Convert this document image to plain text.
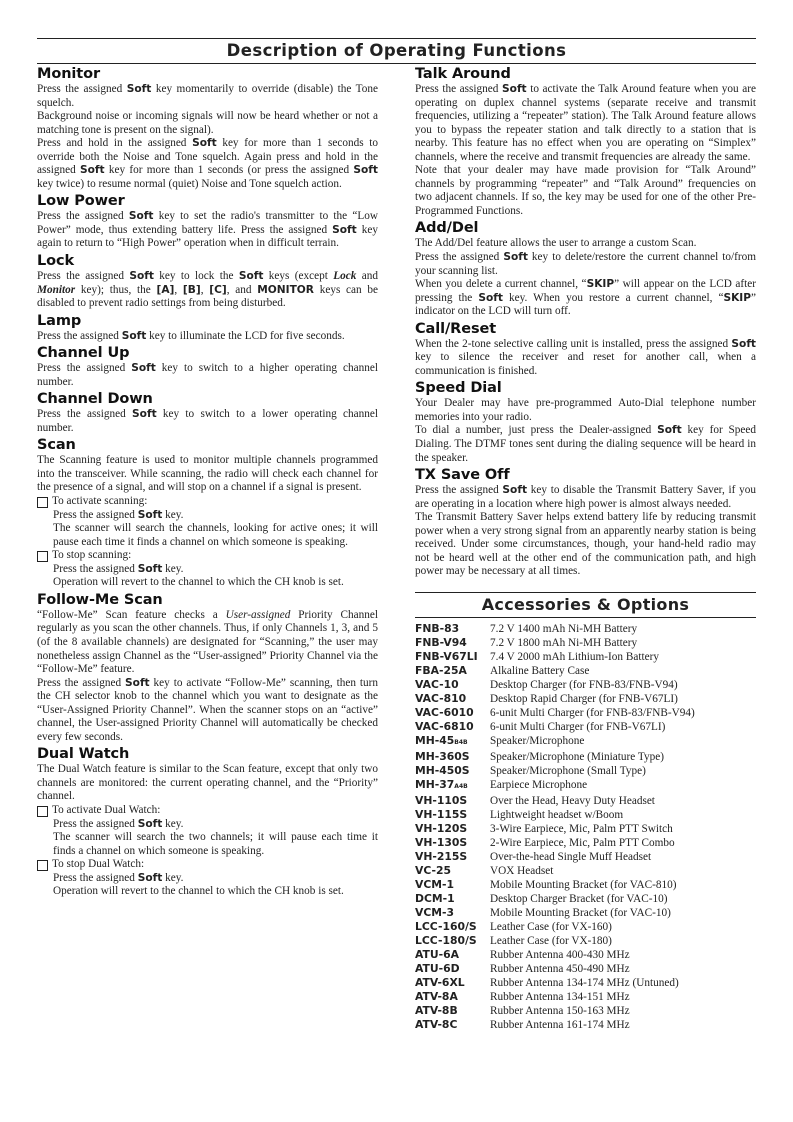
Description of Operating Functions
Monitor

Press the assigned Soft key momentarily to override (disable) the Tone squelch.

Background noise or incoming signals will now be heard whether or not a matching tone is present on the signal).

Press and hold in the assigned Soft key for more than 1 seconds to override both the Noise and Tone squelch. Again press and hold in the assigned Soft key for more than 1 seconds (or press the assigned Soft key twice) to resume normal (quiet) Noise and Tone squelch action.

Low Power

Press the assigned Soft key to set the radio's transmitter to the “Low Power” mode, thus extending battery life. Press the assigned Soft key again to return to “High Power” operation when in difficult terrain.

Lock

Press the assigned Soft key to lock the Soft keys (except Lock and Monitor key); thus, the [A], [B], [C], and MONITOR keys can be disabled to prevent radio settings from being disturbed.

Lamp

Press the assigned Soft key to illuminate the LCD for five seconds.

Channel Up

Press the assigned Soft key to switch to a higher operating channel number.

Channel Down

Press the assigned Soft key to switch to a lower operating channel number.

Scan

The Scanning feature is used to monitor multiple channels programmed into the transceiver. While scanning, the radio will check each channel for the presence of a signal, and will stop on a channel if a signal is present.

To activate scanning:

Press the assigned Soft key.

The scanner will search the channels, looking for active ones; it will pause each time it finds a channel on which someone is speaking.

To stop scanning:

Press the assigned Soft key.

Operation will revert to the channel to which the CH knob is set.

Follow-Me Scan

“Follow-Me” Scan feature checks a User-assigned Priority Channel regularly as you scan the other channels. Thus, if only Channels 1, 3, and 5 (of the 8 available channels) are designated for “Scanning,” the user may nonetheless assign Channel as the “User-assigned” Priority Channel via the “Follow-Me” feature.

Press the assigned Soft key to activate “Follow-Me” scanning, then turn the CH selector knob to the channel which you want to designate as the “User-Assigned Priority Channel”. When the scanner stops on an “active” channel, the User-assigned Priority Channel will automatically be checked every few seconds.

Dual Watch

The Dual Watch feature is similar to the Scan feature, except that only two channels are monitored: the current operating channel, and the “Priority” channel.

To activate Dual Watch:

Press the assigned Soft key.

The scanner will search the two channels; it will pause each time it finds a channel on which someone is speaking.

To stop Dual Watch:

Press the assigned Soft key.

Operation will revert to the channel to which the CH knob is set.

Talk Around

Press the assigned Soft to activate the Talk Around feature when you are operating on duplex channel systems (separate receive and transmit frequencies, utilizing a “repeater” station). The Talk Around feature allows you to bypass the repeater station and talk directly to a station that is nearby. This feature has no effect when you are operating on “Simplex” channels, where the receive and transmit frequencies are already the same.

Note that your dealer may have made provision for “Talk Around” channels by programming “repeater” and “Talk Around” frequencies on two adjacent channels. If so, the key may be used for one of the other Pre-Programmed Functions.

Add/Del

The Add/Del feature allows the user to arrange a custom Scan.

Press the assigned Soft key to delete/restore the current channel to/from your scanning list.

When you delete a current channel, “SKIP” will appear on the LCD after pressing the Soft key. When you restore a current channel, “SKIP” indicator on the LCD will turn off.

Call/Reset

When the 2-tone selective calling unit is installed, press the assigned Soft key to silence the receiver and reset for another call, when a communication is finished.

Speed Dial

Your Dealer may have pre-programmed Auto-Dial telephone number memories into your radio.

To dial a number, just press the Dealer-assigned Soft key for Speed Dialing. The DTMF tones sent during the dialing sequence will be heard in the speaker.

TX Save Off

Press the assigned Soft key to disable the Transmit Battery Saver, if you are operating in a location where high power is almost always needed.

The Transmit Battery Saver helps extend battery life by reducing transmit power when a very strong signal from an apparently nearby station is being received. Under some circumstances, though, your hand-held radio may not be heard well at the other end of the communication path, and high power may be necessary at all times.

Accessories & Options
FNB-83	7.2 V 1400 mAh Ni-MH Battery
FNB-V94	7.2 V 1800 mAh Ni-MH Battery
FNB-V67LI	7.4 V 2000 mAh Lithium-Ion Battery
FBA-25A	Alkaline Battery Case
VAC-10	Desktop Charger (for FNB-83/FNB-V94)
VAC-810	Desktop Rapid Charger (for FNB-V67LI)
VAC-6010	6-unit Multi Charger (for FNB-83/FNB-V94)
VAC-6810	6-unit Multi Charger (for FNB-V67LI)
MH-45B4B	Speaker/Microphone
MH-360S	Speaker/Microphone (Miniature Type)
MH-450S	Speaker/Microphone (Small Type)
MH-37A4B	Earpiece Microphone
VH-110S	Over the Head, Heavy Duty Headset
VH-115S	Lightweight headset w/Boom
VH-120S	3-Wire Earpiece, Mic, Palm PTT Switch
VH-130S	2-Wire Earpiece, Mic, Palm PTT Combo
VH-215S	Over-the-head Single Muff Headset
VC-25	VOX Headset
VCM-1	Mobile Mounting Bracket (for VAC-810)
DCM-1	Desktop Charger Bracket (for VAC-10)
VCM-3	Mobile Mounting Bracket (for VAC-10)
LCC-160/S	Leather Case (for VX-160)
LCC-180/S	Leather Case (for VX-180)
ATU-6A	Rubber Antenna 400-430 MHz
ATU-6D	Rubber Antenna 450-490 MHz
ATV-6XL	Rubber Antenna 134-174 MHz (Untuned)
ATV-8A	Rubber Antenna 134-151 MHz
ATV-8B	Rubber Antenna 150-163 MHz
ATV-8C	Rubber Antenna 161-174 MHz
